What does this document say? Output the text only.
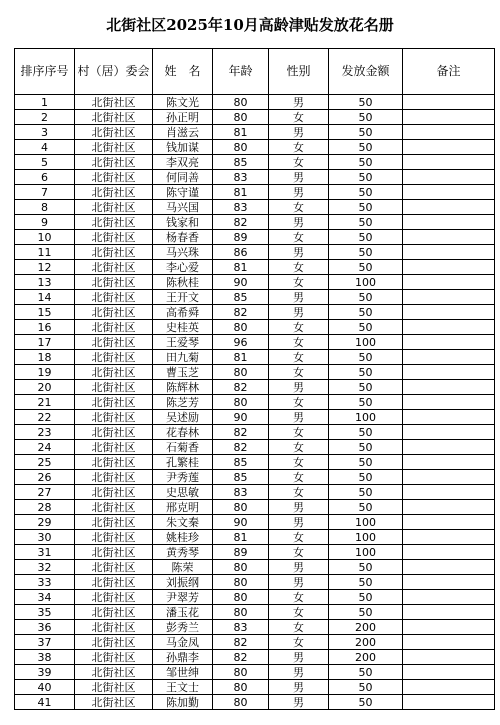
北街社区2025年10月高龄津贴发放花名册
排序序号	村（居）委会	姓　名	年龄	性别	发放金额	备注
1	北街社区	陈文光	80	男	50	
2	北街社区	孙正明	80	女	50	
3	北街社区	肖滋云	81	男	50	
4	北街社区	钱加谋	80	女	50	
5	北街社区	李双亮	85	女	50	
6	北街社区	何同善	83	男	50	
7	北街社区	陈守谨	81	男	50	
8	北街社区	马兴国	83	女	50	
9	北街社区	钱家和	82	男	50	
10	北街社区	杨春香	89	女	50	
11	北街社区	马兴珠	86	男	50	
12	北街社区	李心爱	81	女	50	
13	北街社区	陈秋桂	90	女	100	
14	北街社区	王开文	85	男	50	
15	北街社区	高希舜	82	男	50	
16	北街社区	史桂英	80	女	50	
17	北街社区	王爱琴	96	女	100	
18	北街社区	田九菊	81	女	50	
19	北街社区	曹玉芝	80	女	50	
20	北街社区	陈辉林	82	男	50	
21	北街社区	陈芝芳	80	女	50	
22	北街社区	吴述励	90	男	100	
23	北街社区	花春林	82	女	50	
24	北街社区	石菊香	82	女	50	
25	北街社区	孔繁桂	85	女	50	
26	北街社区	尹秀莲	85	女	50	
27	北街社区	史思敏	83	女	50	
28	北街社区	邢克明	80	男	50	
29	北街社区	朱文秦	90	男	100	
30	北街社区	姚桂珍	81	女	100	
31	北街社区	黄秀琴	89	女	100	
32	北街社区	陈荣	80	男	50	
33	北街社区	刘振纲	80	男	50	
34	北街社区	尹翠芳	80	女	50	
35	北街社区	潘玉花	80	女	50	
36	北街社区	彭秀兰	83	女	200	
37	北街社区	马金凤	82	女	200	
38	北街社区	孙鼎李	82	男	200	
39	北街社区	邹世绅	80	男	50	
40	北街社区	王文士	80	男	50	
41	北街社区	陈加勤	80	男	50	
